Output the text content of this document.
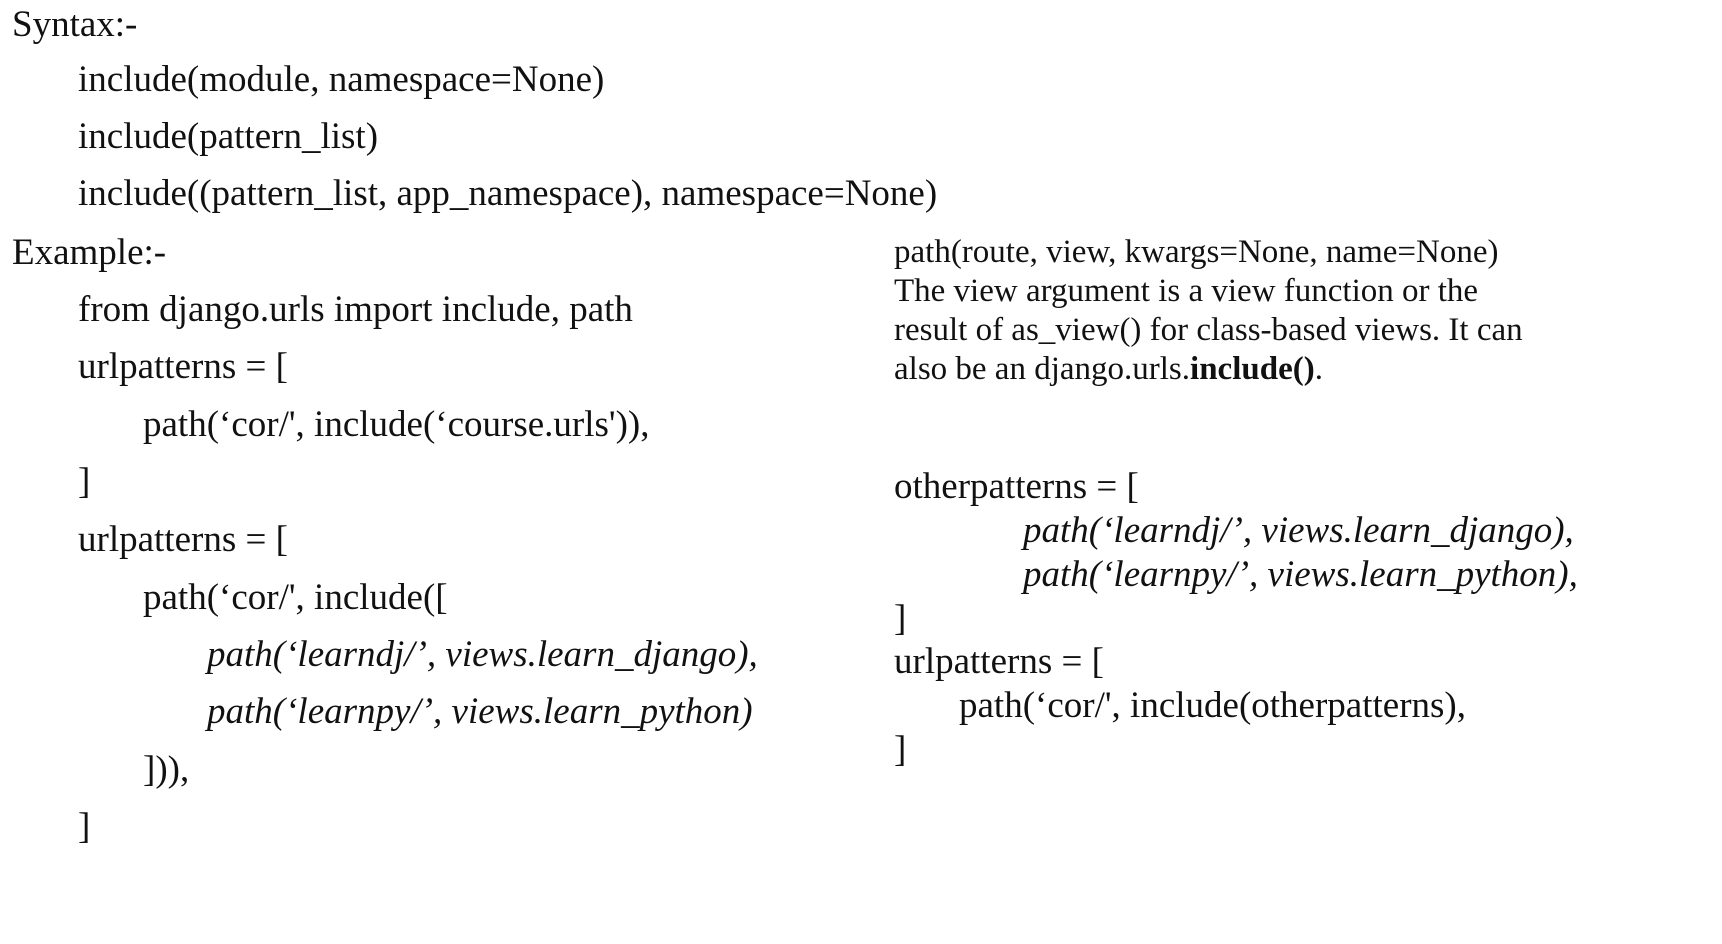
Syntax:-
include(module, namespace=None)
include(pattern_list)
include((pattern_list, app_namespace), namespace=None)
Example:-
from django.urls import include, path
urlpatterns = [
path(‘cor/', include(‘course.urls')),
]
urlpatterns = [
path(‘cor/', include([
path(‘learndj/’, views.learn_django),
path(‘learnpy/’, views.learn_python)
])),
]
path(route, view, kwargs=None, name=None)
The view argument is a view function or the
result of as_view() for class-based views. It can
also be an django.urls.include().
otherpatterns = [
path(‘learndj/’, views.learn_django),
path(‘learnpy/’, views.learn_python),
]
urlpatterns = [
path(‘cor/', include(otherpatterns),
]
